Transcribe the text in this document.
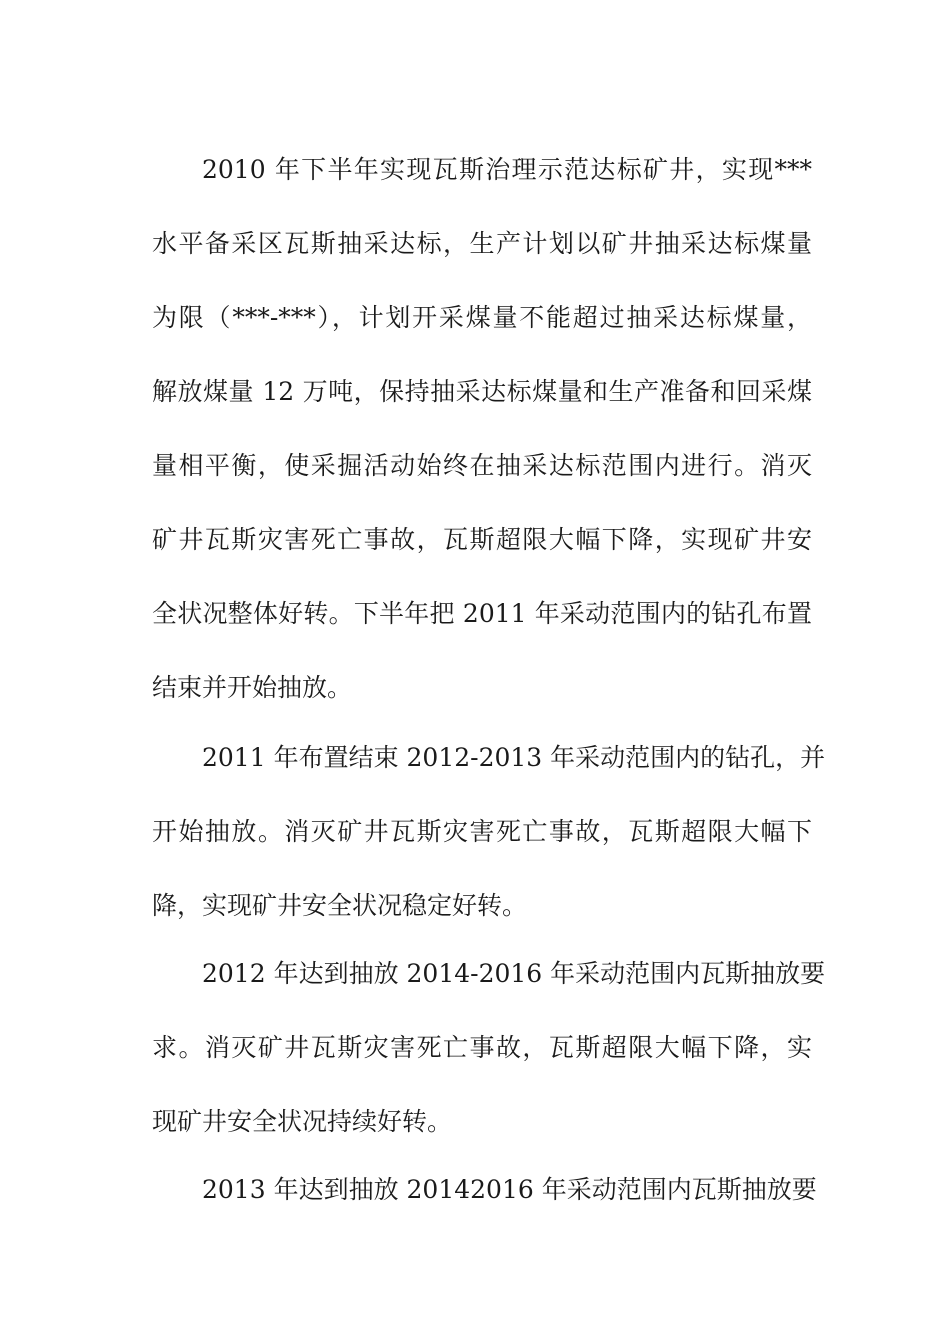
2010 年下半年实现瓦斯治理示范达标矿井，实现***
水平备采区瓦斯抽采达标，生产计划以矿井抽采达标煤量
为限（***-***），计划开采煤量不能超过抽采达标煤量，
解放煤量 12 万吨，保持抽采达标煤量和生产准备和回采煤
量相平衡，使采掘活动始终在抽采达标范围内进行。消灭
矿井瓦斯灾害死亡事故，瓦斯超限大幅下降，实现矿井安
全状况整体好转。下半年把 2011 年采动范围内的钻孔布置
结束并开始抽放。
2011 年布置结束 2012-2013 年采动范围内的钻孔，并
开始抽放。消灭矿井瓦斯灾害死亡事故，瓦斯超限大幅下
降，实现矿井安全状况稳定好转。
2012 年达到抽放 2014-2016 年采动范围内瓦斯抽放要
求。消灭矿井瓦斯灾害死亡事故，瓦斯超限大幅下降，实
现矿井安全状况持续好转。
2013 年达到抽放 20142016 年采动范围内瓦斯抽放要
